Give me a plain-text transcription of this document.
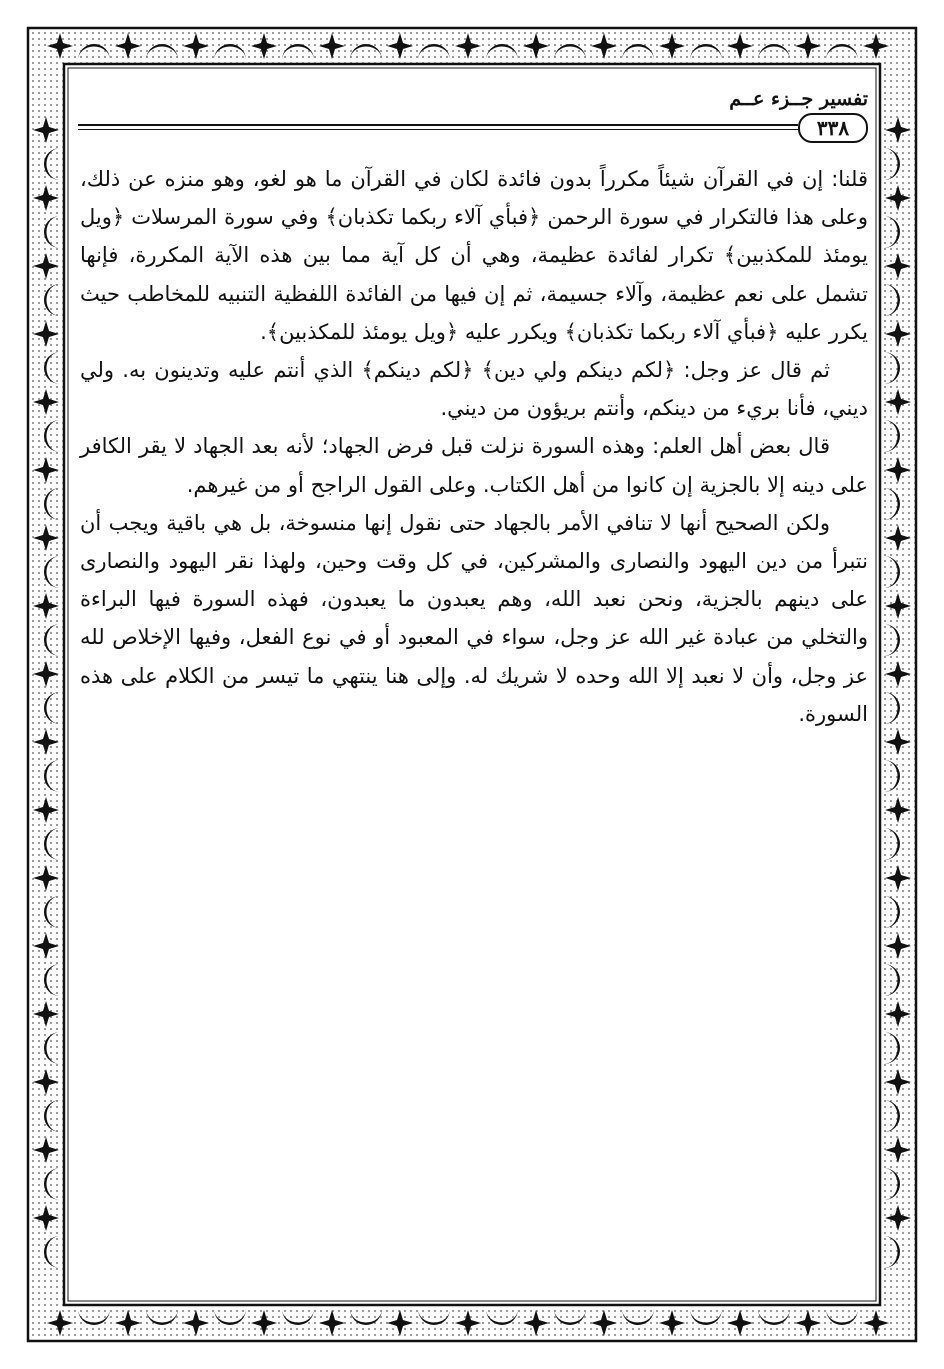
تفسير جــزء عــم
٣٣٨

قلنا: إن في القرآن شيئاً مكرراً بدون فائدة لكان في القرآن ما هو لغو، وهو منزه عن ذلك، وعلى هذا فالتكرار في سورة الرحمن ﴿فبأي آلاء ربكما تكذبان﴾ وفي سورة المرسلات ﴿ويل يومئذ للمكذبين﴾ تكرار لفائدة عظيمة، وهي أن كل آية مما بين هذه الآية المكررة، فإنها تشمل على نعم عظيمة، وآلاء جسيمة، ثم إن فيها من الفائدة اللفظية التنبيه للمخاطب حيث يكرر عليه ﴿فبأي آلاء ربكما تكذبان﴾ ويكرر عليه ﴿ويل يومئذ للمكذبين﴾.

ثم قال عز وجل: ﴿لكم دينكم ولي دين﴾ ﴿لكم دينكم﴾ الذي أنتم عليه وتدينون به. ولي ديني، فأنا بريء من دينكم، وأنتم بريؤون من ديني.

قال بعض أهل العلم: وهذه السورة نزلت قبل فرض الجهاد؛ لأنه بعد الجهاد لا يقر الكافر على دينه إلا بالجزية إن كانوا من أهل الكتاب. وعلى القول الراجح أو من غيرهم.

ولكن الصحيح أنها لا تنافي الأمر بالجهاد حتى نقول إنها منسوخة، بل هي باقية ويجب أن نتبرأ من دين اليهود والنصارى والمشركين، في كل وقت وحين، ولهذا نقر اليهود والنصارى على دينهم بالجزية، ونحن نعبد الله، وهم يعبدون ما يعبدون، فهذه السورة فيها البراءة والتخلي من عبادة غير الله عز وجل، سواء في المعبود أو في نوع الفعل، وفيها الإخلاص لله عز وجل، وأن لا نعبد إلا الله وحده لا شريك له. وإلى هنا ينتهي ما تيسر من الكلام على هذه السورة.
